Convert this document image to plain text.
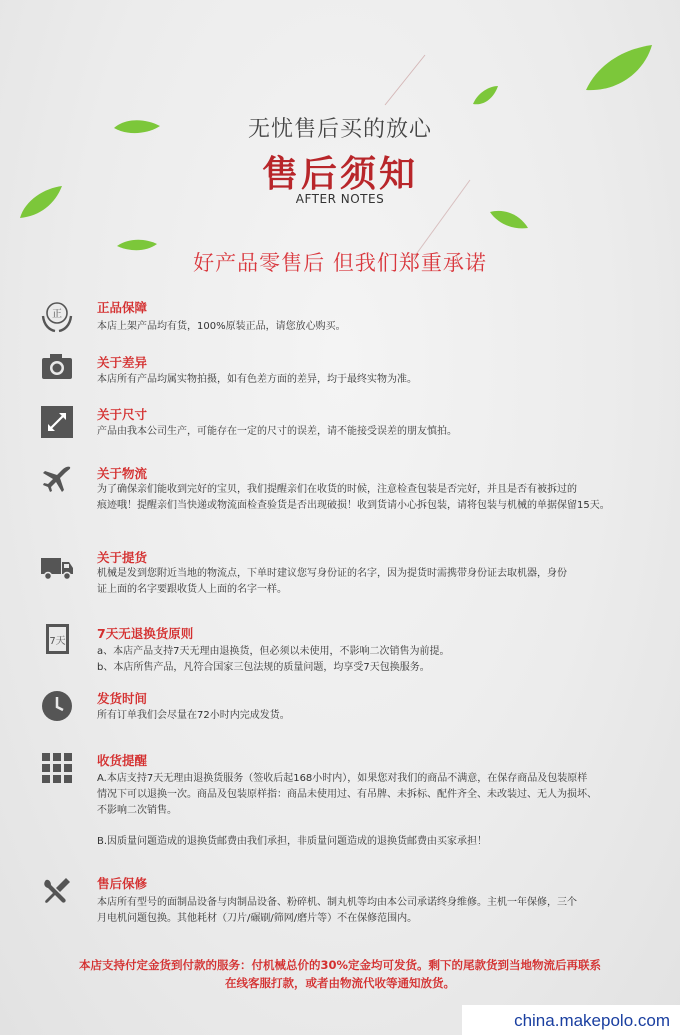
无忧售后买的放心
售后须知
AFTER NOTES
好产品零售后 但我们郑重承诺
正	正品保障
本店上架产品均有货，100%原装正品，请您放心购买。
关于差异
本店所有产品均属实物拍摄，如有色差方面的差异，均于最终实物为准。
关于尺寸
产品由我本公司生产，可能存在一定的尺寸的误差，请不能接受误差的朋友慎拍。
关于物流
为了确保亲们能收到完好的宝贝，我们提醒亲们在收货的时候，注意检查包装是否完好，并且是否有被拆过的
痕迹哦！提醒亲们当快递或物流面检查验货是否出现破损！收到货请小心拆包装，请将包装与机械的单据保留15天。
关于提货
机械是发到您附近当地的物流点，下单时建议您写身份证的名字，因为提货时需携带身份证去取机器，身份
证上面的名字要跟收货人上面的名字一样。
7天
7天无退换货原则
a、本店产品支持7天无理由退换货，但必须以未使用，不影响二次销售为前提。
b、本店所售产品，凡符合国家三包法规的质量问题，均享受7天包换服务。
发货时间
所有订单我们会尽量在72小时内完成发货。
收货提醒
A.本店支持7天无理由退换货服务（签收后起168小时内），如果您对我们的商品不满意，在保存商品及包装原样
情况下可以退换一次。商品及包装原样指：商品未使用过、有吊牌、未拆标、配件齐全、未改装过、无人为损坏、
不影响二次销售。
B.因质量问题造成的退换货邮费由我们承担，非质量问题造成的退换货邮费由买家承担！
售后保修
本店所有型号的面制品设备与肉制品设备、粉碎机、制丸机等均由本公司承诺终身维修。主机一年保修，三个
月电机问题包换。其他耗材（刀片/碾刷/筛网/磨片等）不在保修范围内。
本店支持付定金货到付款的服务：付机械总价的30%定金均可发货。剩下的尾款货到当地物流后再联系
在线客服打款，或者由物流代收等通知放货。
china.makepolo.com
